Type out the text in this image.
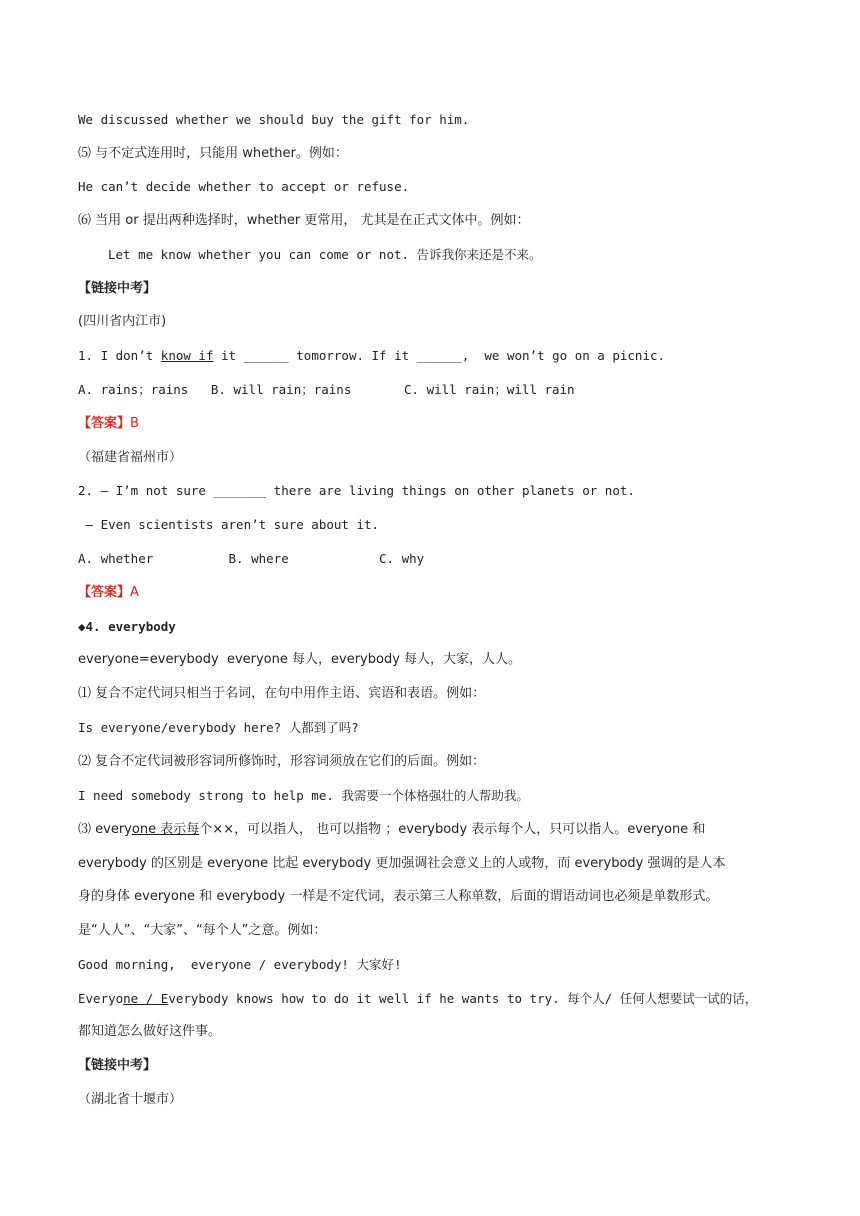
We discussed whether we should buy the gift for him.
⑸ 与不定式连用时，只能用 whether。例如：
He can’t decide whether to accept or refuse.
⑹ 当用 or 提出两种选择时，whether 更常用， 尤其是在正式文体中。例如：
Let me know whether you can come or not. 告诉我你来还是不来。
【链接中考】
(四川省内江市)
1. I don’t know if it ______ tomorrow. If it ______,  we won’t go on a picnic.
A. rains；rains   B. will rain；rains       C. will rain；will rain
【答案】B
（福建省福州市）
2. — I’m not sure _______ there are living things on other planets or not.
— Even scientists aren’t sure about it.
A. whether          B. where            C. why
【答案】A
◆4. everybody
everyone=everybody  everyone 每人，everybody 每人，大家，人人。
⑴ 复合不定代词只相当于名词，在句中用作主语、宾语和表语。例如：
Is everyone/everybody here? 人都到了吗?
⑵ 复合不定代词被形容词所修饰时，形容词须放在它们的后面。例如：
I need somebody strong to help me. 我需要一个体格强壮的人帮助我。
⑶ everyone 表示每个××，可以指人， 也可以指物 ；everybody 表示每个人，只可以指人。everyone 和
everybody 的区别是 everyone 比起 everybody 更加强调社会意义上的人或物，而 everybody 强调的是人本
身的身体 everyone 和 everybody 一样是不定代词，表示第三人称单数，后面的谓语动词也必须是单数形式。
是“人人”、“大家”、“每个人”之意。例如：
Good morning,  everyone / everybody! 大家好!
Everyone / Everybody knows how to do it well if he wants to try. 每个人/ 任何人想要试一试的话，
都知道怎么做好这件事。
【链接中考】
（湖北省十堰市）
